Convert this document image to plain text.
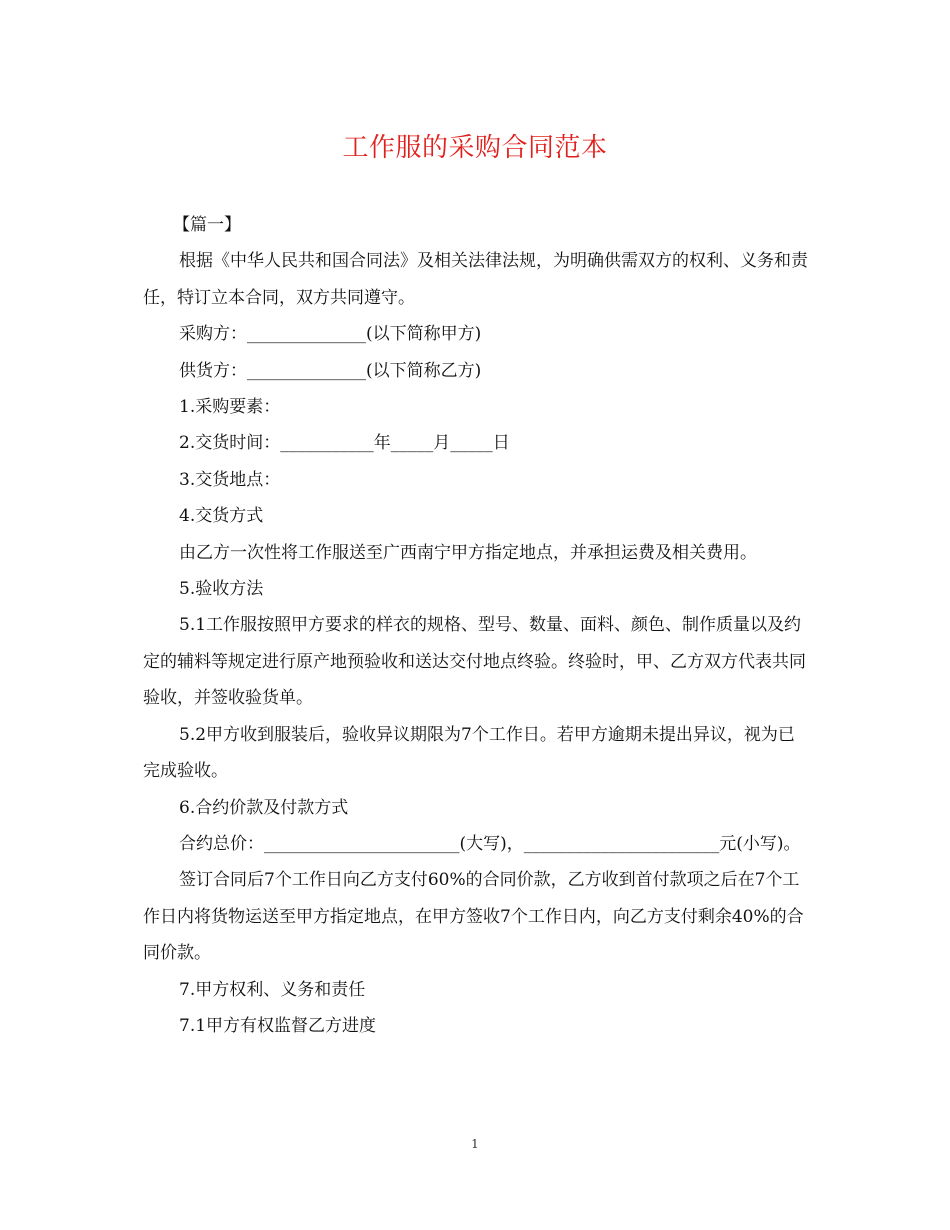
工作服的采购合同范本

【篇一】

根据《中华人民共和国合同法》及相关法律法规，为明确供需双方的权利、义务和责任，特订立本合同，双方共同遵守。

采购方：______________(以下简称甲方)

供货方：______________(以下简称乙方)

1.采购要素：

2.交货时间：___________年_____月_____日

3.交货地点：

4.交货方式

由乙方一次性将工作服送至广西南宁甲方指定地点，并承担运费及相关费用。

5.验收方法

5.1工作服按照甲方要求的样衣的规格、型号、数量、面料、颜色、制作质量以及约定的辅料等规定进行原产地预验收和送达交付地点终验。终验时，甲、乙方双方代表共同验收，并签收验货单。

5.2甲方收到服装后，验收异议期限为7个工作日。若甲方逾期未提出异议，视为已完成验收。

6.合约价款及付款方式

合约总价：_______________________(大写)，_______________________元(小写)。

签订合同后7个工作日向乙方支付60%的合同价款，乙方收到首付款项之后在7个工作日内将货物运送至甲方指定地点，在甲方签收7个工作日内，向乙方支付剩余40%的合同价款。

7.甲方权利、义务和责任

7.1甲方有权监督乙方进度

1
